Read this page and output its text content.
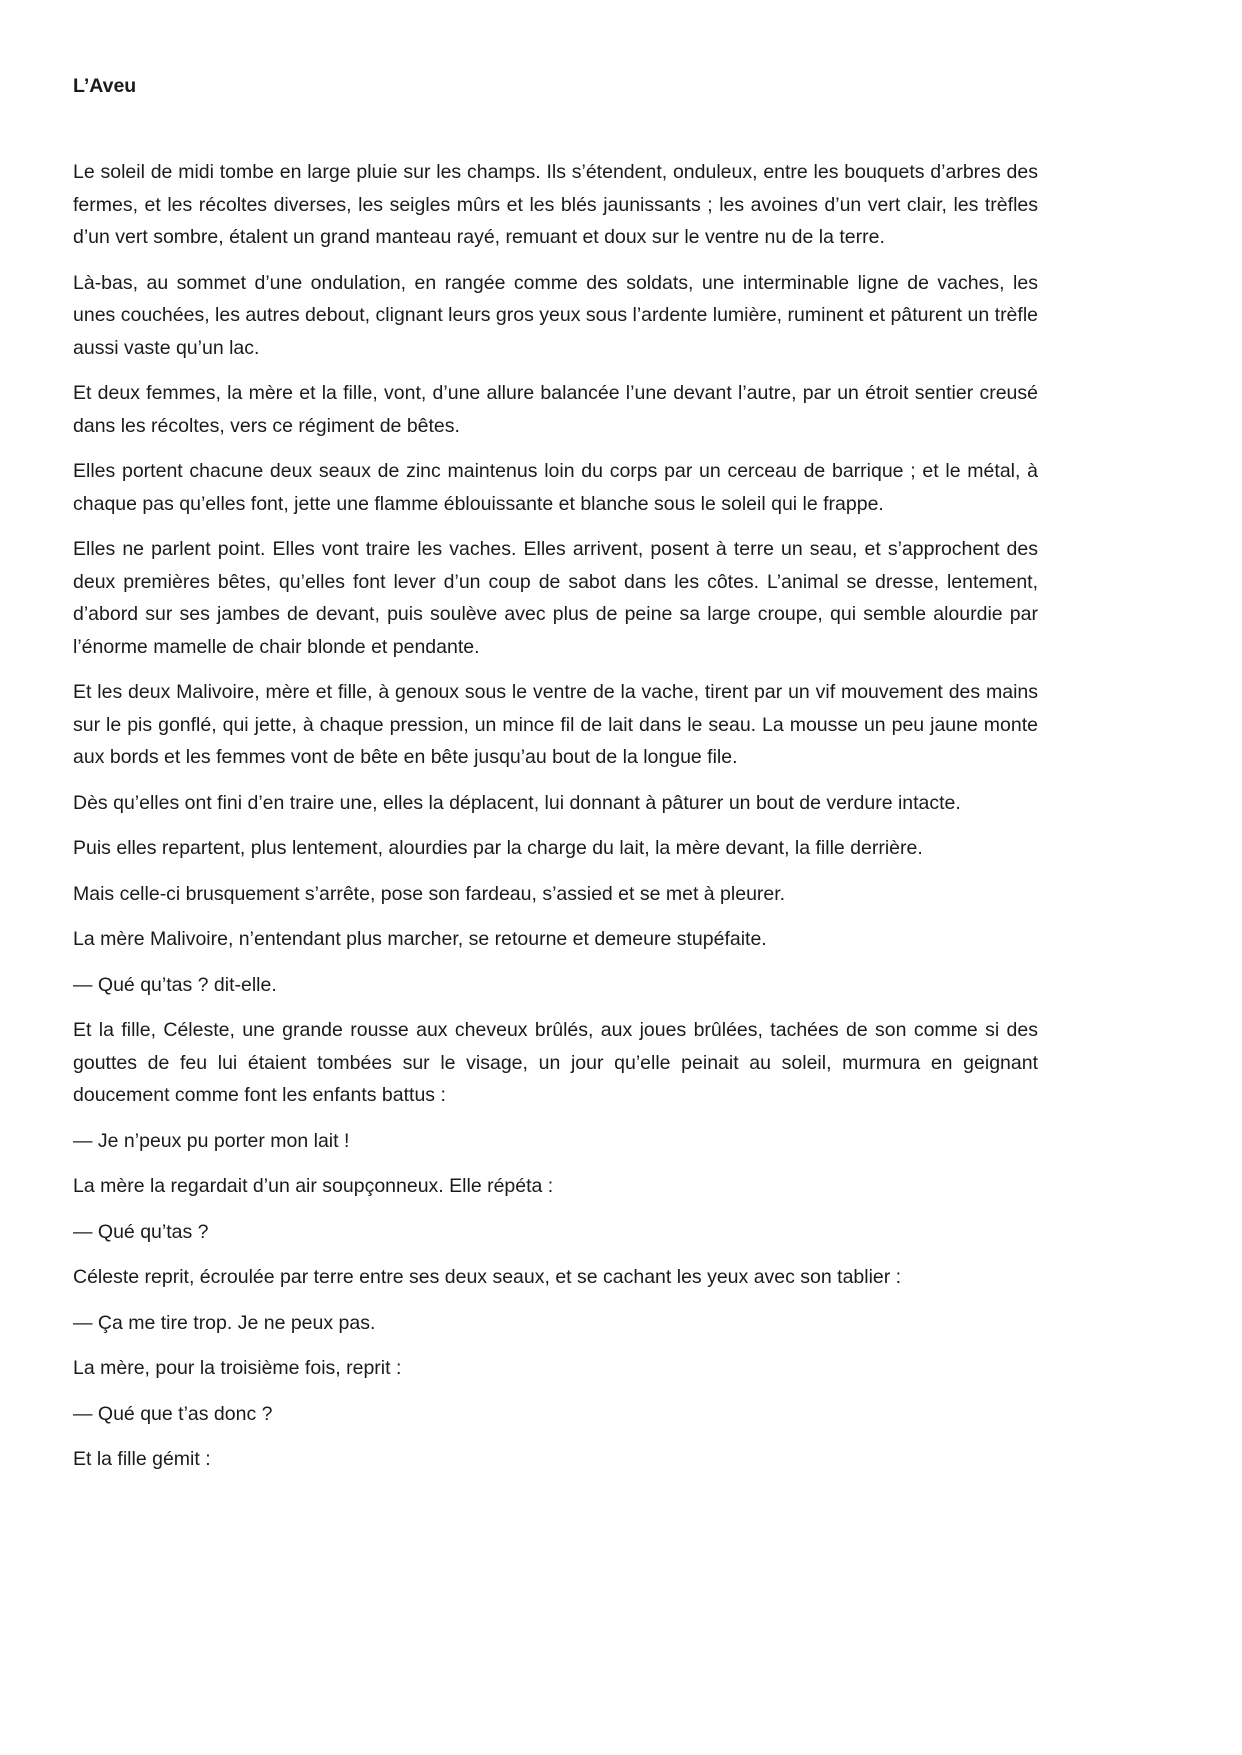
L’Aveu

Le soleil de midi tombe en large pluie sur les champs. Ils s’étendent, onduleux, entre les bouquets d’arbres des fermes, et les récoltes diverses, les seigles mûrs et les blés jaunissants ; les avoines d’un vert clair, les trèfles d’un vert sombre, étalent un grand manteau rayé, remuant et doux sur le ventre nu de la terre.

Là-bas, au sommet d’une ondulation, en rangée comme des soldats, une interminable ligne de vaches, les unes couchées, les autres debout, clignant leurs gros yeux sous l’ardente lumière, ruminent et pâturent un trèfle aussi vaste qu’un lac.

Et deux femmes, la mère et la fille, vont, d’une allure balancée l’une devant l’autre, par un étroit sentier creusé dans les récoltes, vers ce régiment de bêtes.

Elles portent chacune deux seaux de zinc maintenus loin du corps par un cerceau de barrique ; et le métal, à chaque pas qu’elles font, jette une flamme éblouissante et blanche sous le soleil qui le frappe.

Elles ne parlent point. Elles vont traire les vaches. Elles arrivent, posent à terre un seau, et s’approchent des deux premières bêtes, qu’elles font lever d’un coup de sabot dans les côtes. L’animal se dresse, lentement, d’abord sur ses jambes de devant, puis soulève avec plus de peine sa large croupe, qui semble alourdie par l’énorme mamelle de chair blonde et pendante.

Et les deux Malivoire, mère et fille, à genoux sous le ventre de la vache, tirent par un vif mouvement des mains sur le pis gonflé, qui jette, à chaque pression, un mince fil de lait dans le seau. La mousse un peu jaune monte aux bords et les femmes vont de bête en bête jusqu’au bout de la longue file.

Dès qu’elles ont fini d’en traire une, elles la déplacent, lui donnant à pâturer un bout de verdure intacte.

Puis elles repartent, plus lentement, alourdies par la charge du lait, la mère devant, la fille derrière.

Mais celle-ci brusquement s’arrête, pose son fardeau, s’assied et se met à pleurer.

La mère Malivoire, n’entendant plus marcher, se retourne et demeure stupéfaite.

— Qué qu’tas ? dit-elle.

Et la fille, Céleste, une grande rousse aux cheveux brûlés, aux joues brûlées, tachées de son comme si des gouttes de feu lui étaient tombées sur le visage, un jour qu’elle peinait au soleil, murmura en geignant doucement comme font les enfants battus :

— Je n’peux pu porter mon lait !

La mère la regardait d’un air soupçonneux. Elle répéta :

— Qué qu’tas ?

Céleste reprit, écroulée par terre entre ses deux seaux, et se cachant les yeux avec son tablier :

— Ça me tire trop. Je ne peux pas.

La mère, pour la troisième fois, reprit :

— Qué que t’as donc ?

Et la fille gémit :
